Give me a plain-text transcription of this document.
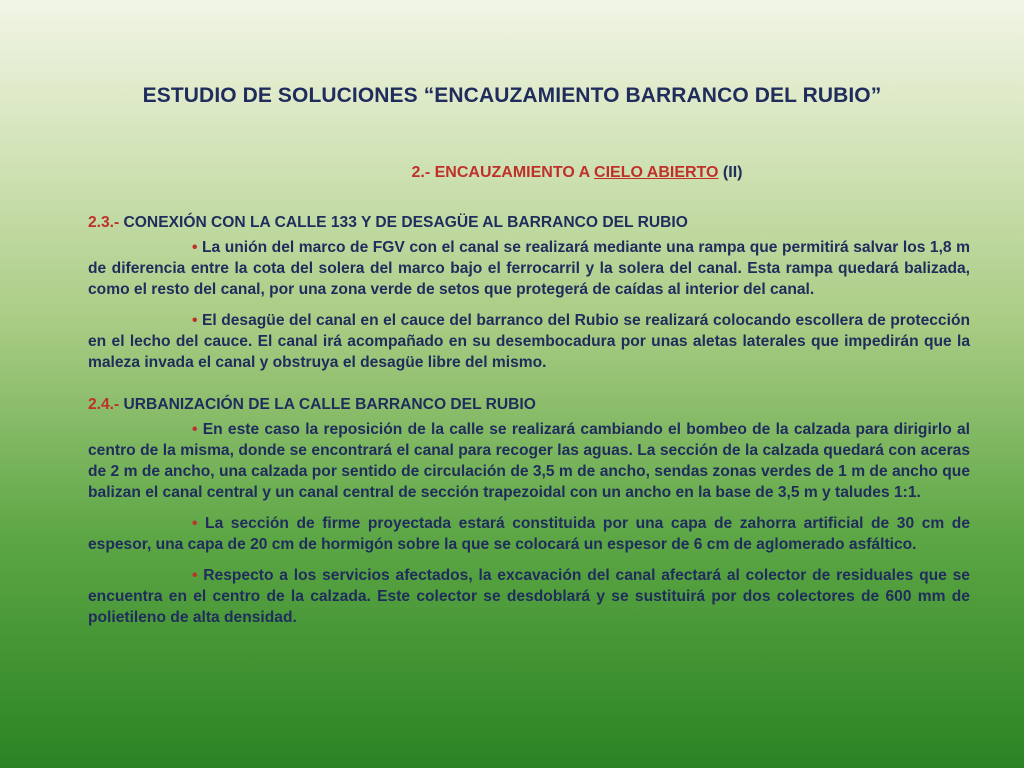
ESTUDIO DE SOLUCIONES “ENCAUZAMIENTO BARRANCO DEL RUBIO”
2.- ENCAUZAMIENTO A CIELO ABIERTO (II)

2.3.- CONEXIÓN CON LA CALLE 133 Y DE DESAGÜE AL BARRANCO DEL RUBIO

• La unión del marco de FGV con el canal se realizará mediante una rampa que permitirá salvar los 1,8 m de diferencia entre la cota del solera del marco bajo el ferrocarril y la solera del canal. Esta rampa quedará balizada, como el resto del canal, por una zona verde de setos que protegerá de caídas al interior del canal.

• El desagüe del canal en el cauce del barranco del Rubio se realizará colocando escollera de protección en el lecho del cauce. El canal irá acompañado en su desembocadura por unas aletas laterales que impedirán que la maleza invada el canal y obstruya el desagüe libre del mismo.

2.4.- URBANIZACIÓN DE LA CALLE BARRANCO DEL RUBIO

• En este caso la reposición de la calle se realizará cambiando el bombeo de la calzada para dirigirlo al centro de la misma, donde se encontrará el canal para recoger las aguas. La sección de la calzada quedará con aceras de 2 m de ancho, una calzada por sentido de circulación de 3,5 m de ancho, sendas zonas verdes de 1 m de ancho que balizan el canal central y un canal central de sección trapezoidal con un ancho en la base de 3,5 m y taludes 1:1.

• La sección de firme proyectada estará constituida por una capa de zahorra artificial de 30 cm de espesor, una capa de 20 cm de hormigón sobre la que se colocará un espesor de 6 cm de aglomerado asfáltico.

• Respecto a los servicios afectados, la excavación del canal afectará al colector de residuales que se encuentra en el centro de la calzada. Este colector se desdoblará y se sustituirá por dos colectores de 600 mm de polietileno de alta densidad.
